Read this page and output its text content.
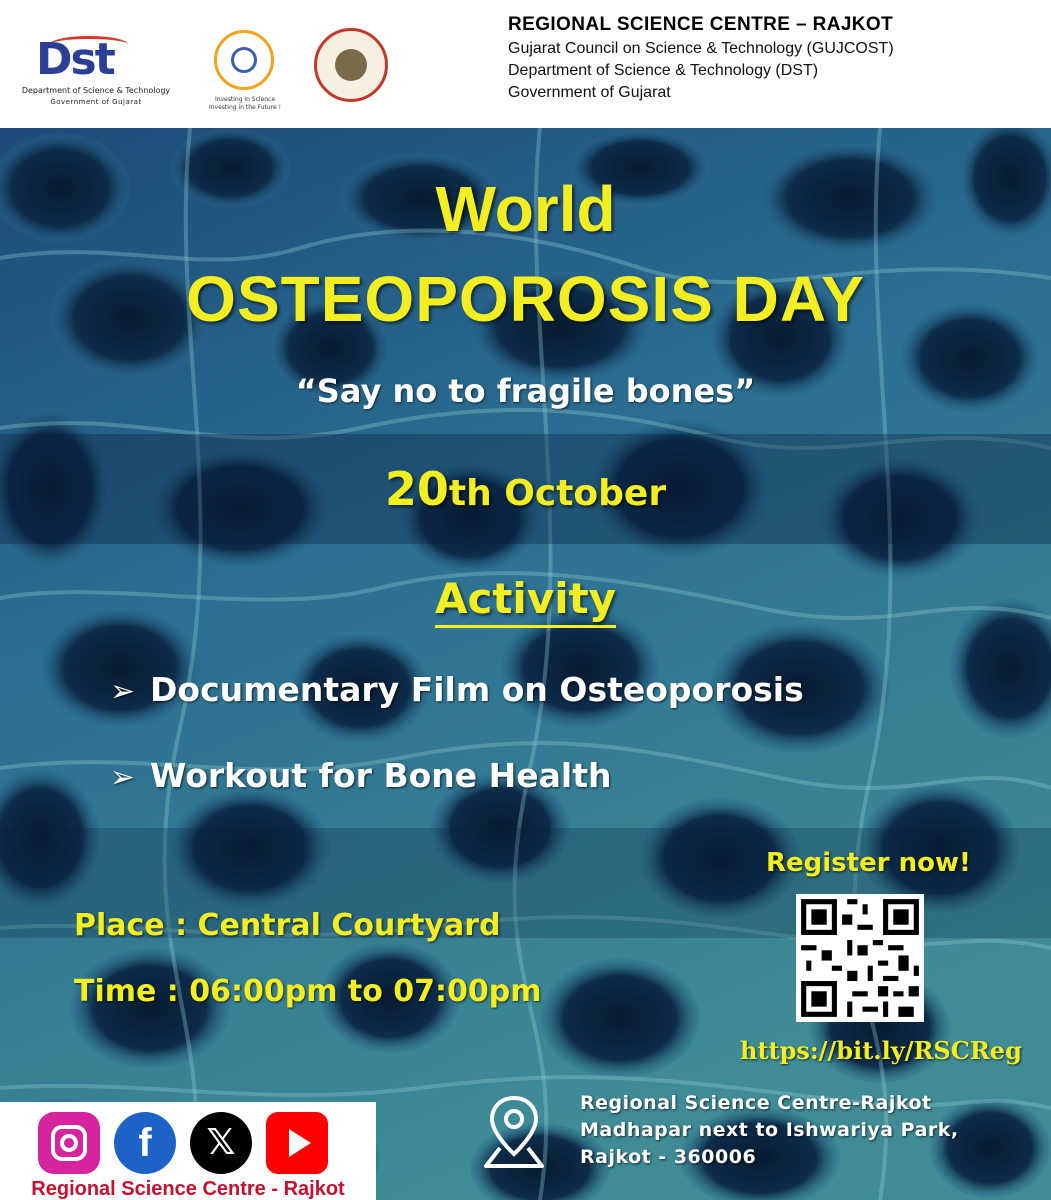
Dst
Department of Science & Technology
Government of Gujarat	Investing in Science
Investing in the Future !
REGIONAL SCIENCE CENTRE – RAJKOT
Gujarat Council on Science & Technology (GUJCOST)
Department of Science & Technology (DST)
Government of Gujarat
World
OSTEOPOROSIS DAY
“Say no to fragile bones”
20th October
Activity
➢ Documentary Film on Osteoporosis
➢ Workout for Bone Health
Place : Central Courtyard
Time : 06:00pm to 07:00pm
Register now!
https://bit.ly/RSCReg
Regional Science Centre-Rajkot
Madhapar next to Ishwariya Park,
Rajkot - 360006
f	𝕏
Regional Science Centre - Rajkot
